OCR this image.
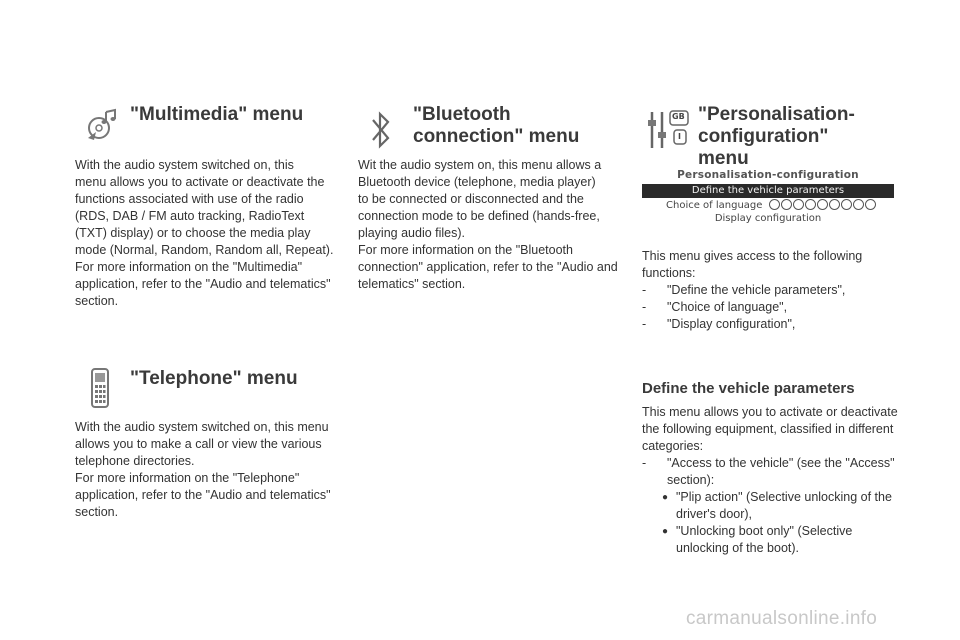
"Multimedia" menu

With the audio system switched on, this

menu allows you to activate or deactivate the

functions associated with use of the radio

(RDS, DAB / FM auto tracking, RadioText

(TXT) display) or to choose the media play

mode (Normal, Random, Random all, Repeat).

For more information on the "Multimedia"

application, refer to the "Audio and telematics"

section.

"Telephone" menu

With the audio system switched on, this menu

allows you to make a call or view the various

telephone directories.

For more information on the "Telephone"

application, refer to the "Audio and telematics"

section.

"Bluetooth
connection" menu

Wit the audio system on, this menu allows a

Bluetooth device (telephone, media player)

to be connected or disconnected and the

connection mode to be defined (hands-free,

playing audio files).

For more information on the "Bluetooth

connection" application, refer to the "Audio and

telematics" section.

GB
I
"Personalisation-
configuration"
menu
Personalisation-configuration
Define the vehicle parameters
Choice of language
Display configuration

This menu gives access to the following

functions:

- "Define the vehicle parameters",
- "Choice of language",
- "Display configuration",
Define the vehicle parameters

This menu allows you to activate or deactivate

the following equipment, classified in different

categories:

- "Access to the vehicle" (see the "Access"
section):
● "Plip action" (Selective unlocking of the
driver's door),
● "Unlocking boot only" (Selective
unlocking of the boot).
carmanualsonline.info
